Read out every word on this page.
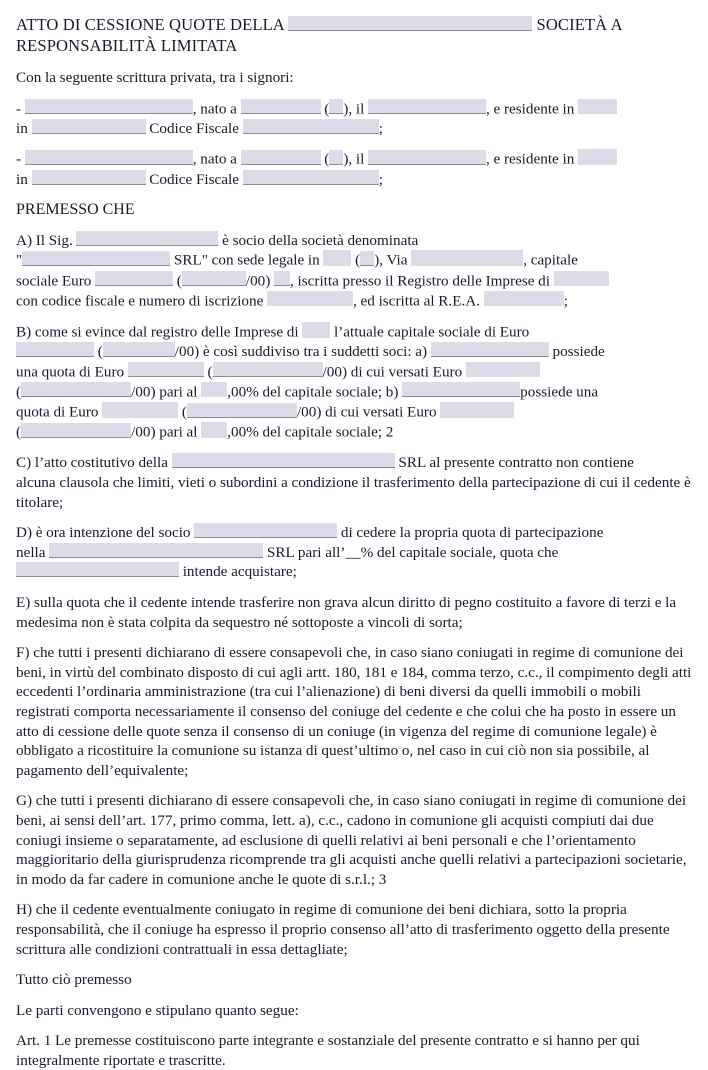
ATTO DI CESSIONE QUOTE DELLA	SOCIETÀ A
RESPONSABILITÀ LIMITATA

Con la seguente scrittura privata, tra i signori:

-	, nato a	( ), il	, e residente in
in	Codice Fiscale	;

-	, nato a	( ), il	, e residente in
in	Codice Fiscale	;

PREMESSO CHE

A) Il Sig.	è socio della società denominata
"	SRL" con sede legale in ( ), Via	, capitale
sociale Euro	(	/00) , iscritta presso il Registro delle Imprese di
con codice fiscale e numero di iscrizione	, ed iscritta al R.E.A.	;

B) come si evince dal registro delle Imprese di l’attuale capitale sociale di Euro
(	/00) è così suddiviso tra i suddetti soci: a)	possiede
una quota di Euro	(	/00) di cui versati Euro
(	/00) pari al ,00% del capitale sociale; b)	possiede una
quota di Euro	(	/00) di cui versati Euro
(	/00) pari al ,00% del capitale sociale; 2

C) l’atto costitutivo della	SRL al presente contratto non contiene
alcuna clausola che limiti, vieti o subordini a condizione il trasferimento della partecipazione di cui il cedente è titolare;

D) è ora intenzione del socio	di cedere la propria quota di partecipazione
nella	SRL pari all’__% del capitale sociale, quota che
intende acquistare;

E) sulla quota che il cedente intende trasferire non grava alcun diritto di pegno costituito a favore di terzi e la medesima non è stata colpita da sequestro né sottoposte a vincoli di sorta;

F) che tutti i presenti dichiarano di essere consapevoli che, in caso siano coniugati in regime di comunione dei beni, in virtù del combinato disposto di cui agli artt. 180, 181 e 184, comma terzo, c.c., il compimento degli atti eccedenti l’ordinaria amministrazione (tra cui l’alienazione) di beni diversi da quelli immobili o mobili registrati comporta necessariamente il consenso del coniuge del cedente e che colui che ha posto in essere un atto di cessione delle quote senza il consenso di un coniuge (in vigenza del regime di comunione legale) è obbligato a ricostituire la comunione su istanza di quest’ultimo o, nel caso in cui ciò non sia possibile, al pagamento dell’equivalente;

G) che tutti i presenti dichiarano di essere consapevoli che, in caso siano coniugati in regime di comunione dei beni, ai sensi dell’art. 177, primo comma, lett. a), c.c., cadono in comunione gli acquisti compiuti dai due coniugi insieme o separatamente, ad esclusione di quelli relativi ai beni personali e che l’orientamento maggioritario della giurisprudenza ricomprende tra gli acquisti anche quelli relativi a partecipazioni societarie, in modo da far cadere in comunione anche le quote di s.r.l.; 3

H) che il cedente eventualmente coniugato in regime di comunione dei beni dichiara, sotto la propria responsabilità, che il coniuge ha espresso il proprio consenso all’atto di trasferimento oggetto della presente scrittura alle condizioni contrattuali in essa dettagliate;

Tutto ciò premesso

Le parti convengono e stipulano quanto segue:

Art. 1 Le premesse costituiscono parte integrante e sostanziale del presente contratto e si hanno per qui integralmente riportate e trascritte.
